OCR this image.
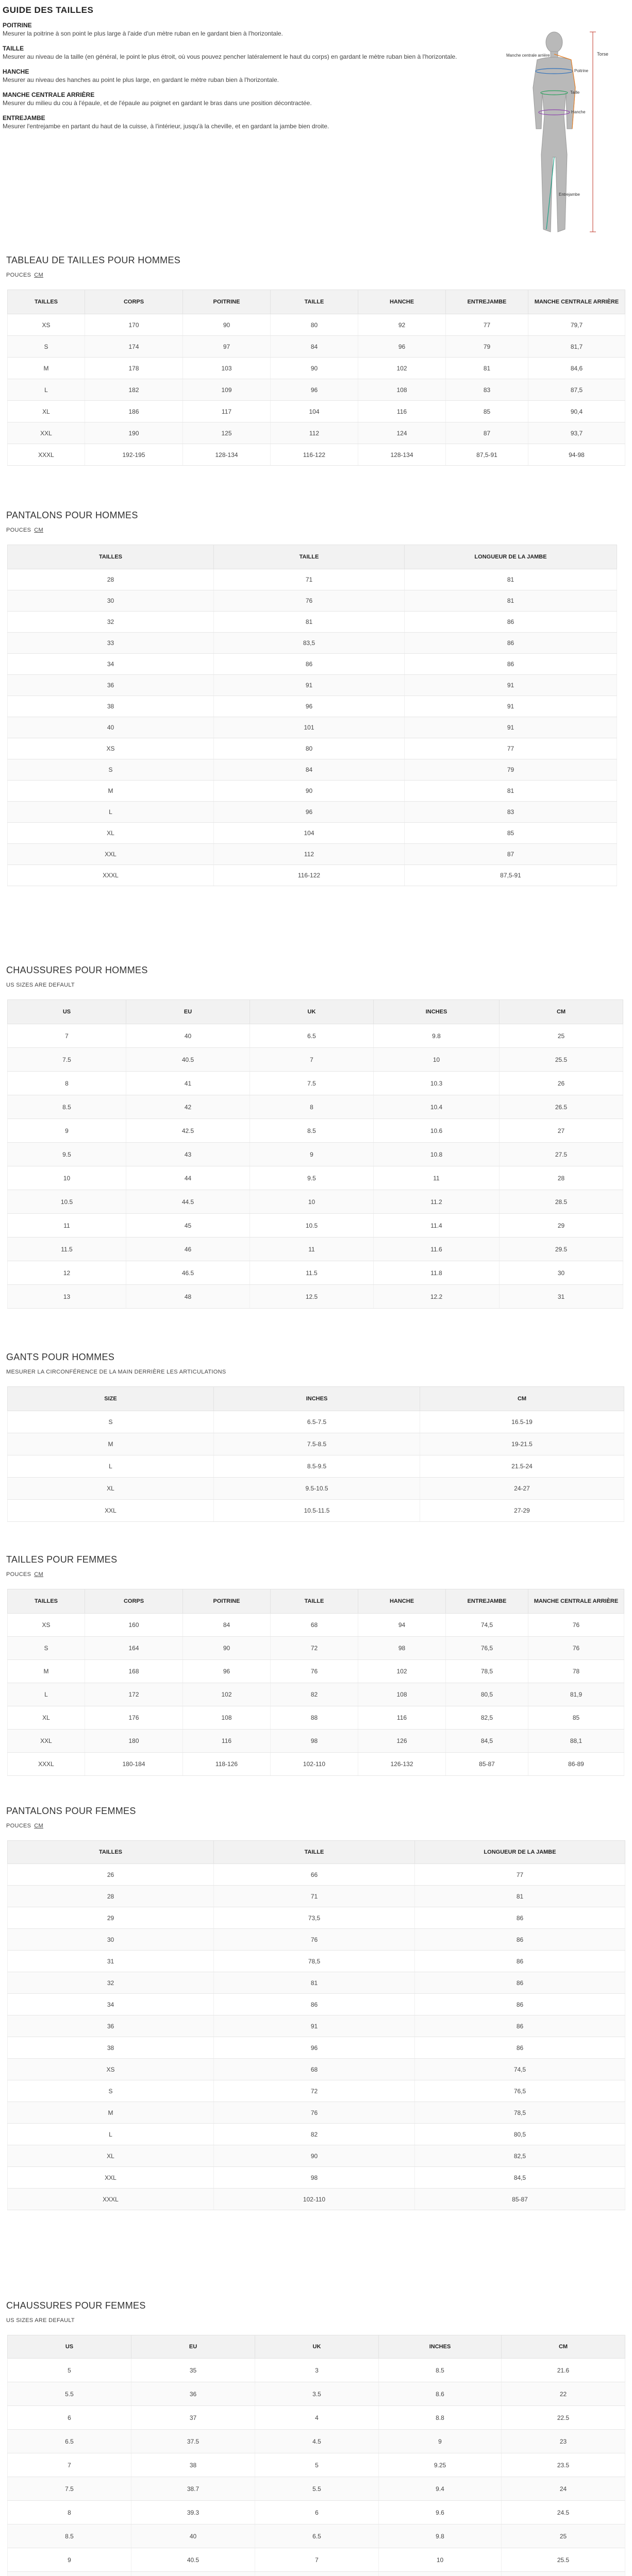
GUIDE DES TAILLES
POITRINE
Mesurer la poitrine à son point le plus large à l'aide d'un mètre ruban en le gardant bien à l'horizontale.
TAILLE
Mesurer au niveau de la taille (en général, le point le plus étroit, où vous pouvez pencher latéralement le haut du corps) en gardant le mètre ruban bien à l'horizontale.
HANCHE
Mesurer au niveau des hanches au point le plus large, en gardant le mètre ruban bien à l'horizontale.
MANCHE CENTRALE ARRIÈRE
Mesurer du milieu du cou à l'épaule, et de l'épaule au poignet en gardant le bras dans une position décontractée.
ENTREJAMBE
Mesurer l'entrejambe en partant du haut de la cuisse, à l'intérieur, jusqu'à la cheville, et en gardant la jambe bien droite.
Torse
Manche centrale arrière
Poitrine
Taille
Hanche
Entrejambe
TABLEAU DE TAILLES POUR HOMMES
POUCES CM
TAILLES	CORPS	POITRINE	TAILLE	HANCHE	ENTREJAMBE	MANCHE CENTRALE ARRIÈRE
XS	170	90	80	92	77	79,7
S	174	97	84	96	79	81,7
M	178	103	90	102	81	84,6
L	182	109	96	108	83	87,5
XL	186	117	104	116	85	90,4
XXL	190	125	112	124	87	93,7
XXXL	192-195	128-134	116-122	128-134	87,5-91	94-98
PANTALONS POUR HOMMES
POUCES CM
TAILLES	TAILLE	LONGUEUR DE LA JAMBE
28	71	81
30	76	81
32	81	86
33	83,5	86
34	86	86
36	91	91
38	96	91
40	101	91
XS	80	77
S	84	79
M	90	81
L	96	83
XL	104	85
XXL	112	87
XXXL	116-122	87,5-91
CHAUSSURES POUR HOMMES
US SIZES ARE DEFAULT
US	EU	UK	INCHES	CM
7	40	6.5	9.8	25
7.5	40.5	7	10	25.5
8	41	7.5	10.3	26
8.5	42	8	10.4	26.5
9	42.5	8.5	10.6	27
9.5	43	9	10.8	27.5
10	44	9.5	11	28
10.5	44.5	10	11.2	28.5
11	45	10.5	11.4	29
11.5	46	11	11.6	29.5
12	46.5	11.5	11.8	30
13	48	12.5	12.2	31
GANTS POUR HOMMES
MESURER LA CIRCONFÉRENCE DE LA MAIN DERRIÈRE LES ARTICULATIONS
SIZE	INCHES	CM
S	6.5-7.5	16.5-19
M	7.5-8.5	19-21.5
L	8.5-9.5	21.5-24
XL	9.5-10.5	24-27
XXL	10.5-11.5	27-29
TAILLES POUR FEMMES
POUCES CM
TAILLES	CORPS	POITRINE	TAILLE	HANCHE	ENTREJAMBE	MANCHE CENTRALE ARRIÈRE
XS	160	84	68	94	74,5	76
S	164	90	72	98	76,5	76
M	168	96	76	102	78,5	78
L	172	102	82	108	80,5	81,9
XL	176	108	88	116	82,5	85
XXL	180	116	98	126	84,5	88,1
XXXL	180-184	118-126	102-110	126-132	85-87	86-89
PANTALONS POUR FEMMES
POUCES CM
TAILLES	TAILLE	LONGUEUR DE LA JAMBE
26	66	77
28	71	81
29	73,5	86
30	76	86
31	78,5	86
32	81	86
34	86	86
36	91	86
38	96	86
XS	68	74,5
S	72	76,5
M	76	78,5
L	82	80,5
XL	90	82,5
XXL	98	84,5
XXXL	102-110	85-87
CHAUSSURES POUR FEMMES
US SIZES ARE DEFAULT
US	EU	UK	INCHES	CM
5	35	3	8.5	21.6
5.5	36	3.5	8.6	22
6	37	4	8.8	22.5
6.5	37.5	4.5	9	23
7	38	5	9.25	23.5
7.5	38.7	5.5	9.4	24
8	39.3	6	9.6	24.5
8.5	40	6.5	9.8	25
9	40.5	7	10	25.5
